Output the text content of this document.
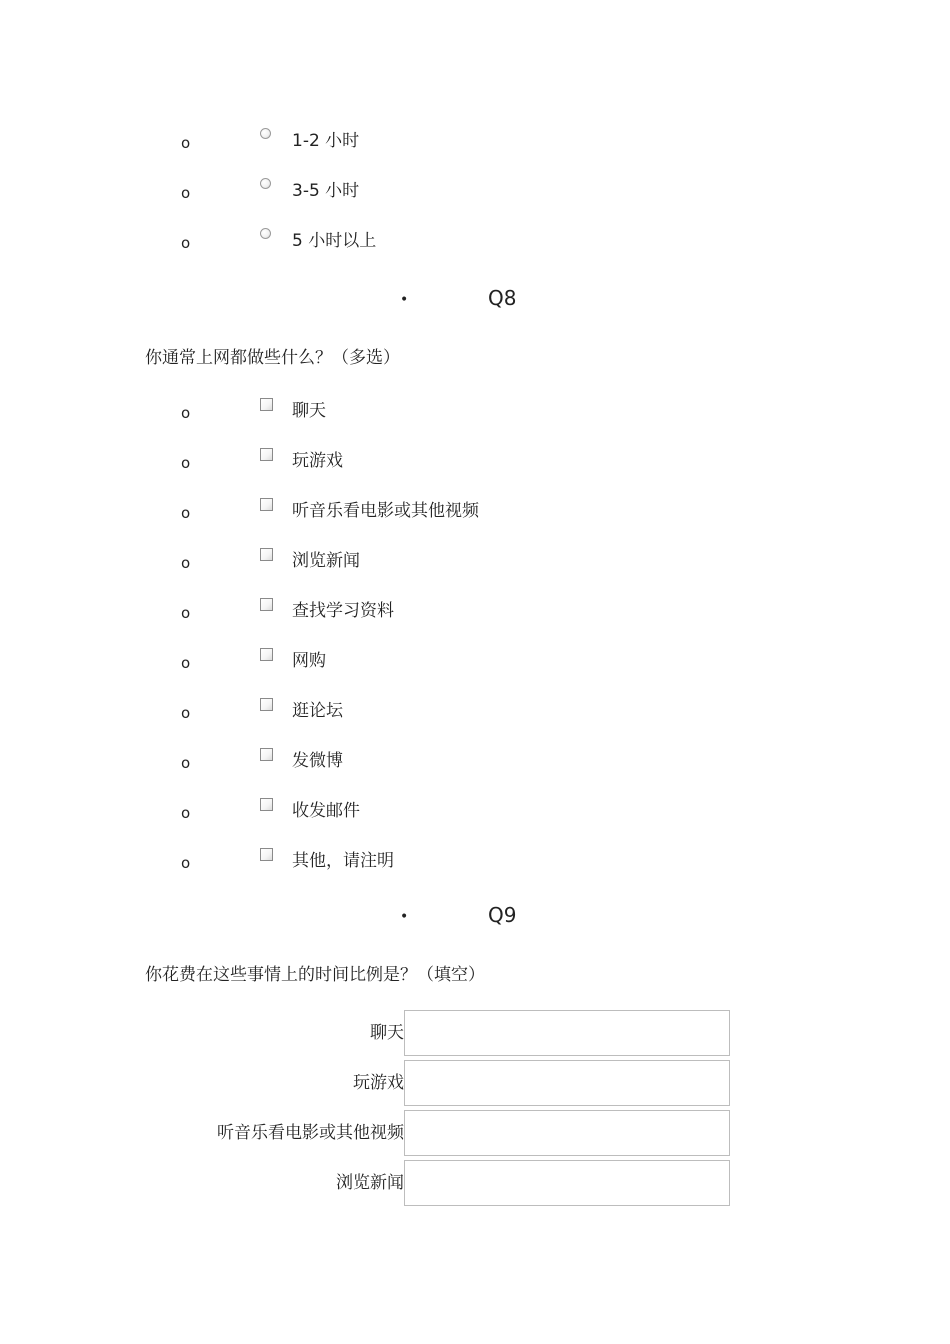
o	1-2 小时
o	3-5 小时
o	5 小时以上
•	Q8
你通常上网都做些什么？（多选）
o	聊天
o	玩游戏
o	听音乐看电影或其他视频
o	浏览新闻
o	查找学习资料
o	网购
o	逛论坛
o	发微博
o	收发邮件
o	其他，请注明
•	Q9
你花费在这些事情上的时间比例是？（填空）
聊天
玩游戏
听音乐看电影或其他视频
浏览新闻
